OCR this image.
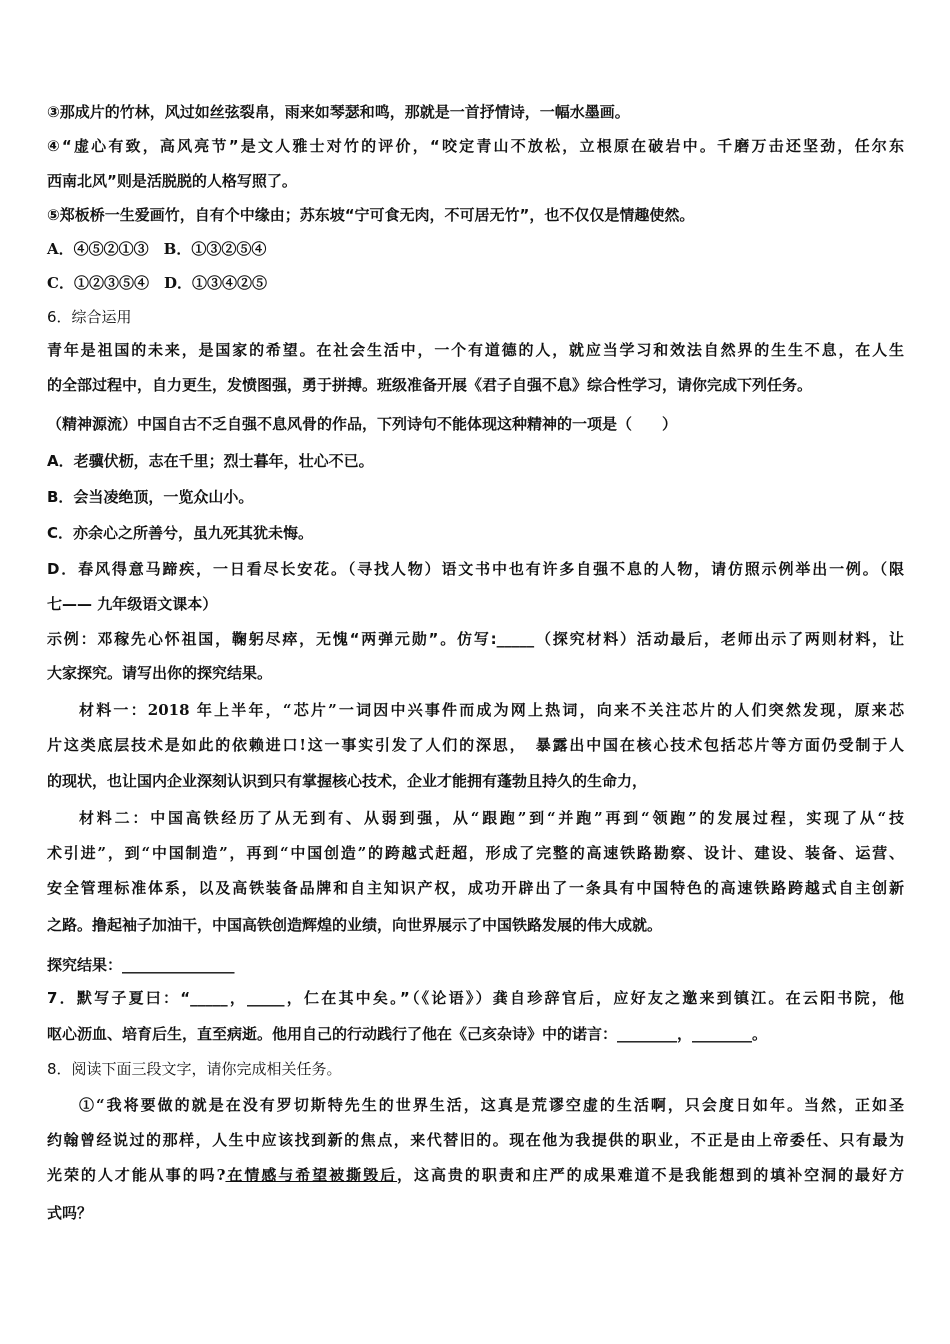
③那成片的竹林，风过如丝弦裂帛，雨来如琴瑟和鸣，那就是一首抒情诗，一幅水墨画。
④“虚心有致，高风亮节”是文人雅士对竹的评价，“咬定青山不放松，立根原在破岩中。千磨万击还坚劲，任尔东
西南北风”则是活脱脱的人格写照了。
⑤郑板桥一生爱画竹，自有个中缘由；苏东坡“宁可食无肉，不可居无竹”，也不仅仅是情趣使然。
A．④⑤②①③　B．①③②⑤④
C．①②③⑤④　D．①③④②⑤
6．综合运用
青年是祖国的未来，是国家的希望。在社会生活中，一个有道德的人，就应当学习和效法自然界的生生不息，在人生
的全部过程中，自力更生，发愤图强，勇于拼搏。班级准备开展《君子自强不息》综合性学习，请你完成下列任务。
（精神源流）中国自古不乏自强不息风骨的作品，下列诗句不能体现这种精神的一项是（　　）
A．老骥伏枥，志在千里；烈士暮年，壮心不已。
B．会当凌绝顶，一览众山小。
C．亦余心之所善兮，虽九死其犹未悔。
D．春风得意马蹄疾，一日看尽长安花。（寻找人物）语文书中也有许多自强不息的人物，请仿照示例举出一例。（限
七—— 九年级语文课本）
示例：邓稼先心怀祖国，鞠躬尽瘁，无愧“两弹元勋”。仿写:_____（探究材料）活动最后，老师出示了两则材料，让
大家探究。请写出你的探究结果。
材料一：2018 年上半年，“芯片”一词因中兴事件而成为网上热词，向来不关注芯片的人们突然发现，原来芯
片这类底层技术是如此的依赖进口!这一事实引发了人们的深思，　暴露出中国在核心技术包括芯片等方面仍受制于人
的现状，也让国内企业深刻认识到只有掌握核心技术，企业才能拥有蓬勃且持久的生命力，
材料二：中国高铁经历了从无到有、从弱到强，从“跟跑”到“并跑”再到“领跑”的发展过程，实现了从“技
术引进”，到“中国制造”，再到“中国创造”的跨越式赶超，形成了完整的高速铁路勘察、设计、建设、装备、运营、
安全管理标准体系，以及高铁装备品牌和自主知识产权，成功开辟出了一条具有中国特色的高速铁路跨越式自主创新
之路。撸起袖子加油干，中国高铁创造辉煌的业绩，向世界展示了中国铁路发展的伟大成就。
探究结果：_______________
7．默写子夏曰：“_____，_____，仁在其中矣。”（《论语》）龚自珍辞官后，应好友之邀来到镇江。在云阳书院，他
呕心沥血、培育后生，直至病逝。他用自己的行动践行了他在《己亥杂诗》中的诺言：________，________。
8．阅读下面三段文字，请你完成相关任务。
①“我将要做的就是在没有罗切斯特先生的世界生活，这真是荒谬空虚的生活啊，只会度日如年。当然，正如圣
约翰曾经说过的那样，人生中应该找到新的焦点，来代替旧的。现在他为我提供的职业，不正是由上帝委任、只有最为
光荣的人才能从事的吗?在情感与希望被撕毁后，这高贵的职责和庄严的成果难道不是我能想到的填补空洞的最好方
式吗？
